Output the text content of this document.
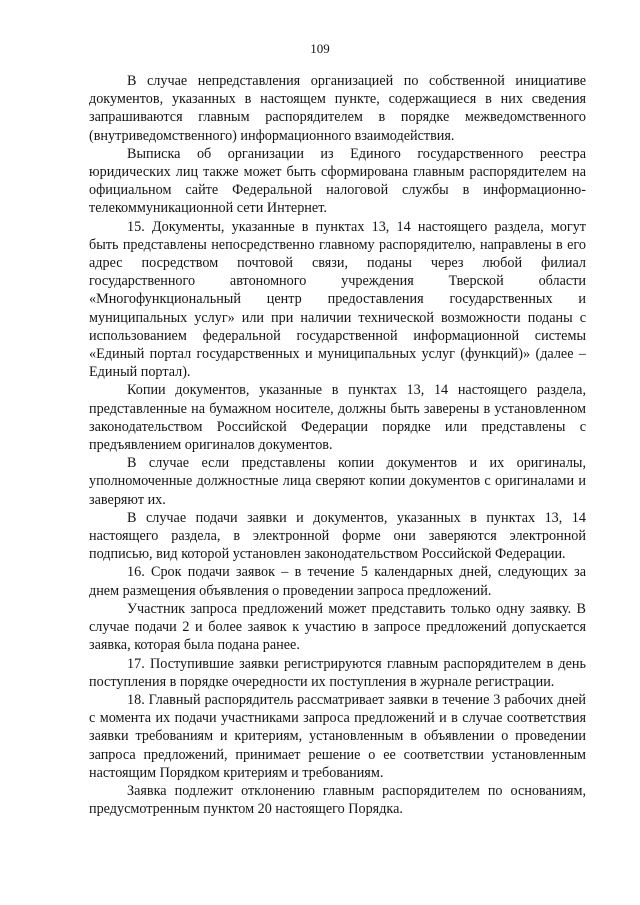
109

В случае непредставления организацией по собственной инициативе документов, указанных в настоящем пункте, содержащиеся в них сведения запрашиваются главным распорядителем в порядке межведомственного (внутриведомственного) информационного взаимодействия.

Выписка об организации из Единого государственного реестра юридических лиц также может быть сформирована главным распорядителем на официальном сайте Федеральной налоговой службы в информационно-телекоммуникационной сети Интернет.

15. Документы, указанные в пунктах 13, 14 настоящего раздела, могут быть представлены непосредственно главному распорядителю, направлены в его адрес посредством почтовой связи, поданы через любой филиал государственного автономного учреждения Тверской области «Многофункциональный центр предоставления государственных и муниципальных услуг» или при наличии технической возможности поданы с использованием федеральной государственной информационной системы «Единый портал государственных и муниципальных услуг (функций)» (далее – Единый портал).

Копии документов, указанные в пунктах 13, 14 настоящего раздела, представленные на бумажном носителе, должны быть заверены в установленном законодательством Российской Федерации порядке или представлены с предъявлением оригиналов документов.

В случае если представлены копии документов и их оригиналы, уполномоченные должностные лица сверяют копии документов с оригиналами и заверяют их.

В случае подачи заявки и документов, указанных в пунктах 13, 14 настоящего раздела, в электронной форме они заверяются электронной подписью, вид которой установлен законодательством Российской Федерации.

16. Срок подачи заявок – в течение 5 календарных дней, следующих за днем размещения объявления о проведении запроса предложений.

Участник запроса предложений может представить только одну заявку. В случае подачи 2 и более заявок к участию в запросе предложений допускается заявка, которая была подана ранее.

17. Поступившие заявки регистрируются главным распорядителем в день поступления в порядке очередности их поступления в журнале регистрации.

18. Главный распорядитель рассматривает заявки в течение 3 рабочих дней с момента их подачи участниками запроса предложений и в случае соответствия заявки требованиям и критериям, установленным в объявлении о проведении запроса предложений, принимает решение о ее соответствии установленным настоящим Порядком критериям и требованиям.

Заявка подлежит отклонению главным распорядителем по основаниям, предусмотренным пунктом 20 настоящего Порядка.
